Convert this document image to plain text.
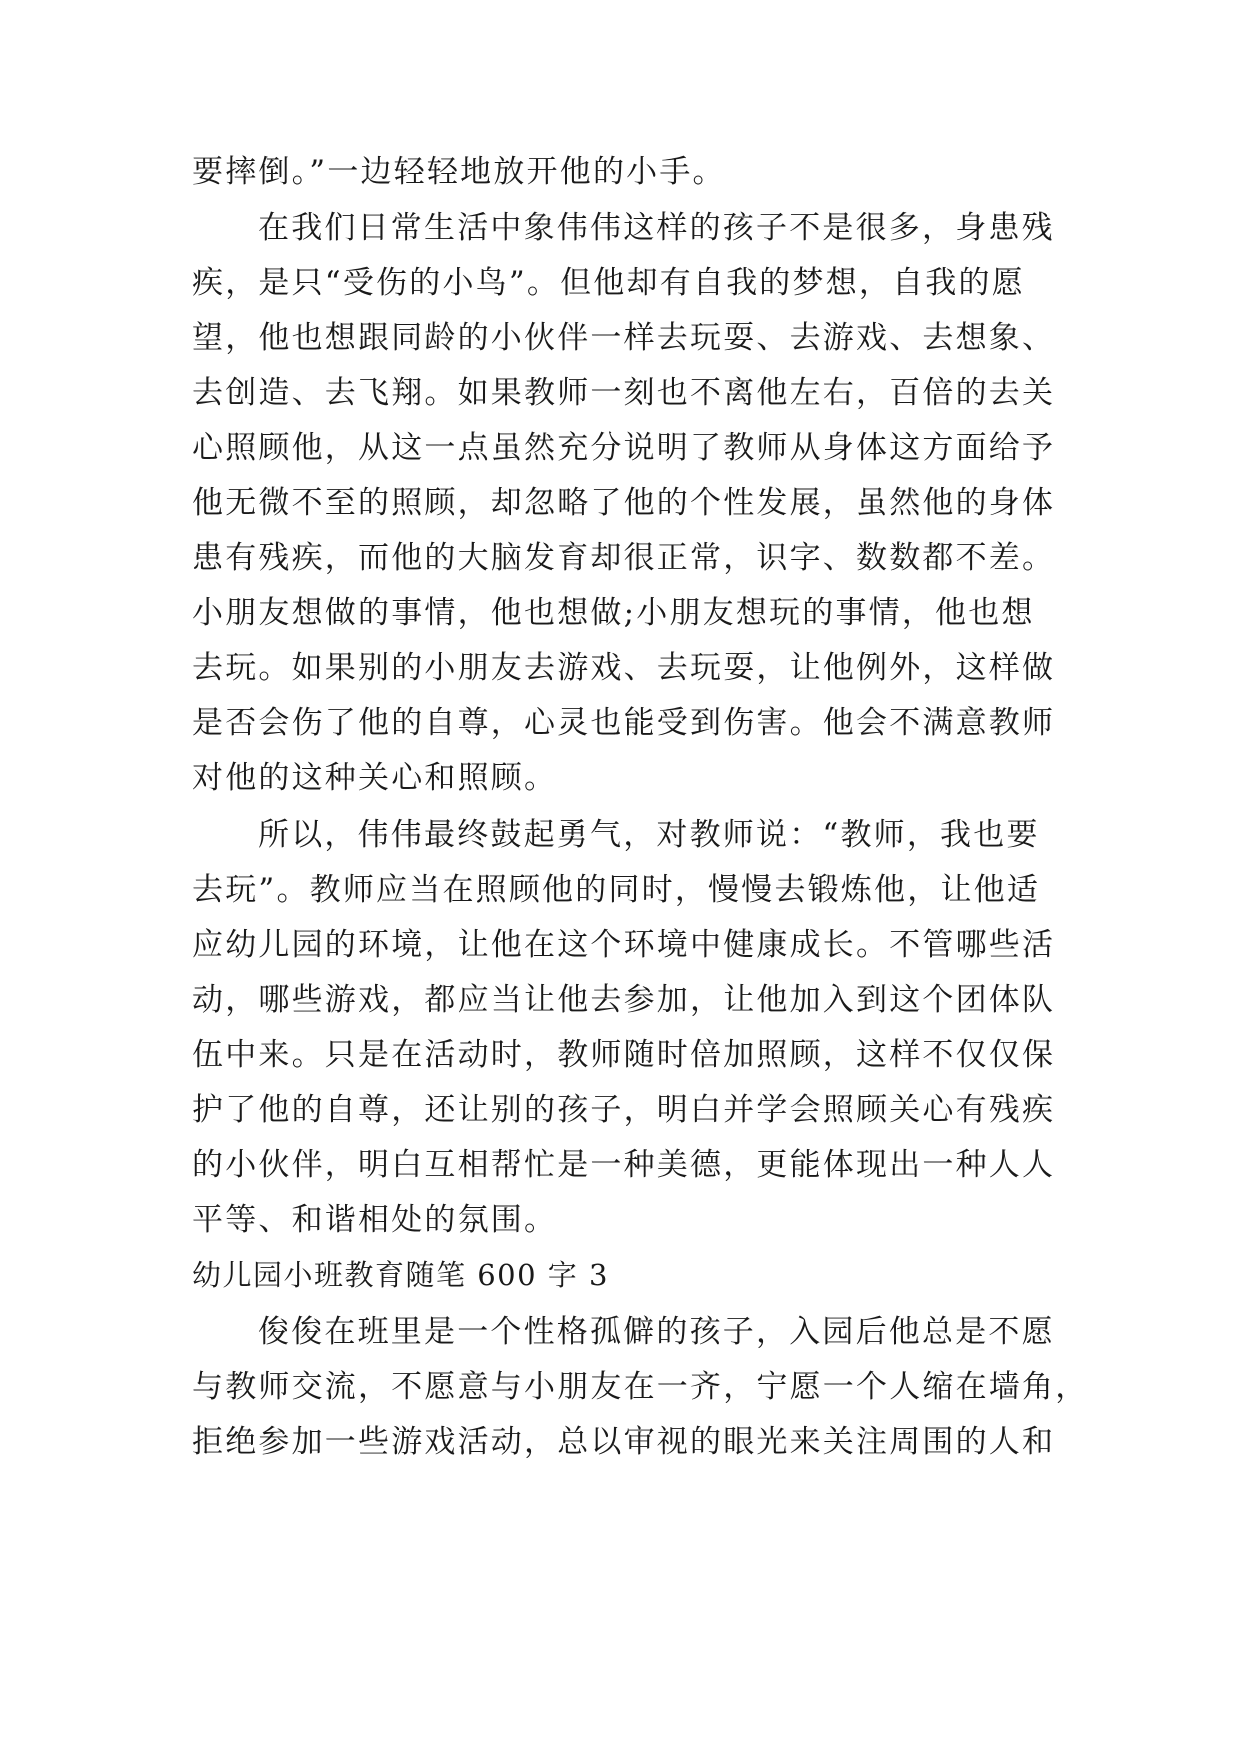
要摔倒。”一边轻轻地放开他的小手。
在我们日常生活中象伟伟这样的孩子不是很多，身患残
疾，是只“受伤的小鸟”。但他却有自我的梦想，自我的愿
望，他也想跟同龄的小伙伴一样去玩耍、去游戏、去想象、
去创造、去飞翔。如果教师一刻也不离他左右，百倍的去关
心照顾他，从这一点虽然充分说明了教师从身体这方面给予
他无微不至的照顾，却忽略了他的个性发展，虽然他的身体
患有残疾，而他的大脑发育却很正常，识字、数数都不差。
小朋友想做的事情，他也想做;小朋友想玩的事情，他也想
去玩。如果别的小朋友去游戏、去玩耍，让他例外，这样做
是否会伤了他的自尊，心灵也能受到伤害。他会不满意教师
对他的这种关心和照顾。
所以，伟伟最终鼓起勇气，对教师说：“教师，我也要
去玩”。教师应当在照顾他的同时，慢慢去锻炼他，让他适
应幼儿园的环境，让他在这个环境中健康成长。不管哪些活
动，哪些游戏，都应当让他去参加，让他加入到这个团体队
伍中来。只是在活动时，教师随时倍加照顾，这样不仅仅保
护了他的自尊，还让别的孩子，明白并学会照顾关心有残疾
的小伙伴，明白互相帮忙是一种美德，更能体现出一种人人
平等、和谐相处的氛围。
幼儿园小班教育随笔 600 字 3
俊俊在班里是一个性格孤僻的孩子，入园后他总是不愿
与教师交流，不愿意与小朋友在一齐，宁愿一个人缩在墙角，
拒绝参加一些游戏活动，总以审视的眼光来关注周围的人和
